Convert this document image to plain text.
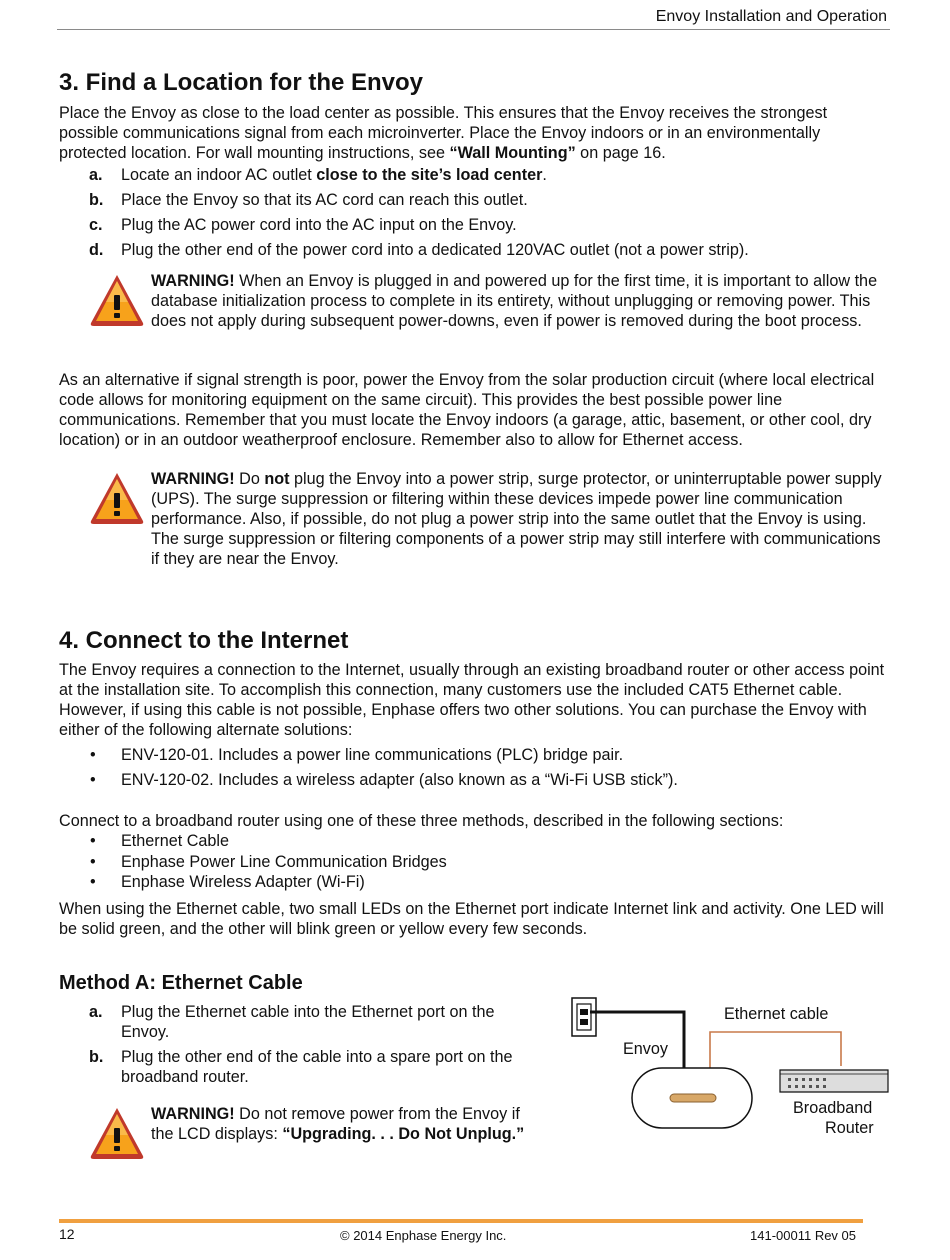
Envoy Installation and Operation
3. Find a Location for the Envoy

Place the Envoy as close to the load center as possible. This ensures that the Envoy receives the strongest possible communications signal from each microinverter. Place the Envoy indoors or in an environmentally protected location. For wall mounting instructions, see “Wall Mounting” on page 16.

a. Locate an indoor AC outlet close to the site’s load center.
b. Place the Envoy so that its AC cord can reach this outlet.
c. Plug the AC power cord into the AC input on the Envoy.
d. Plug the other end of the power cord into a dedicated 120VAC outlet (not a power strip).

WARNING! When an Envoy is plugged in and powered up for the first time, it is important to allow the database initialization process to complete in its entirety, without unplugging or removing power. This does not apply during subsequent power-downs, even if power is removed during the boot process.

As an alternative if signal strength is poor, power the Envoy from the solar production circuit (where local electrical code allows for monitoring equipment on the same circuit). This provides the best possible power line communications. Remember that you must locate the Envoy indoors (a garage, attic, basement, or other cool, dry location) or in an outdoor weatherproof enclosure. Remember also to allow for Ethernet access.

WARNING! Do not plug the Envoy into a power strip, surge protector, or uninterruptable power supply (UPS). The surge suppression or filtering within these devices impede power line communication performance. Also, if possible, do not plug a power strip into the same outlet that the Envoy is using. The surge suppression or filtering components of a power strip may still interfere with communications if they are near the Envoy.

4. Connect to the Internet

The Envoy requires a connection to the Internet, usually through an existing broadband router or other access point at the installation site. To accomplish this connection, many customers use the included CAT5 Ethernet cable. However, if using this cable is not possible, Enphase offers two other solutions. You can purchase the Envoy with either of the following alternate solutions:

• ENV-120-01. Includes a power line communications (PLC) bridge pair.
• ENV-120-02. Includes a wireless adapter (also known as a “Wi-Fi USB stick”).

Connect to a broadband router using one of these three methods, described in the following sections:

• Ethernet Cable
• Enphase Power Line Communication Bridges
• Enphase Wireless Adapter (Wi-Fi)

When using the Ethernet cable, two small LEDs on the Ethernet port indicate Internet link and activity. One LED will be solid green, and the other will blink green or yellow every few seconds.

Method A: Ethernet Cable
a. Plug the Ethernet cable into the Ethernet port on the
Envoy.
b. Plug the other end of the cable into a spare port on the
broadband router.

WARNING! Do not remove power from the Envoy if
the LCD displays: “Upgrading. . . Do Not Unplug.”

Ethernet cable
Envoy
Broadband
Router
12	© 2014 Enphase Energy Inc.	141-00011 Rev 05
